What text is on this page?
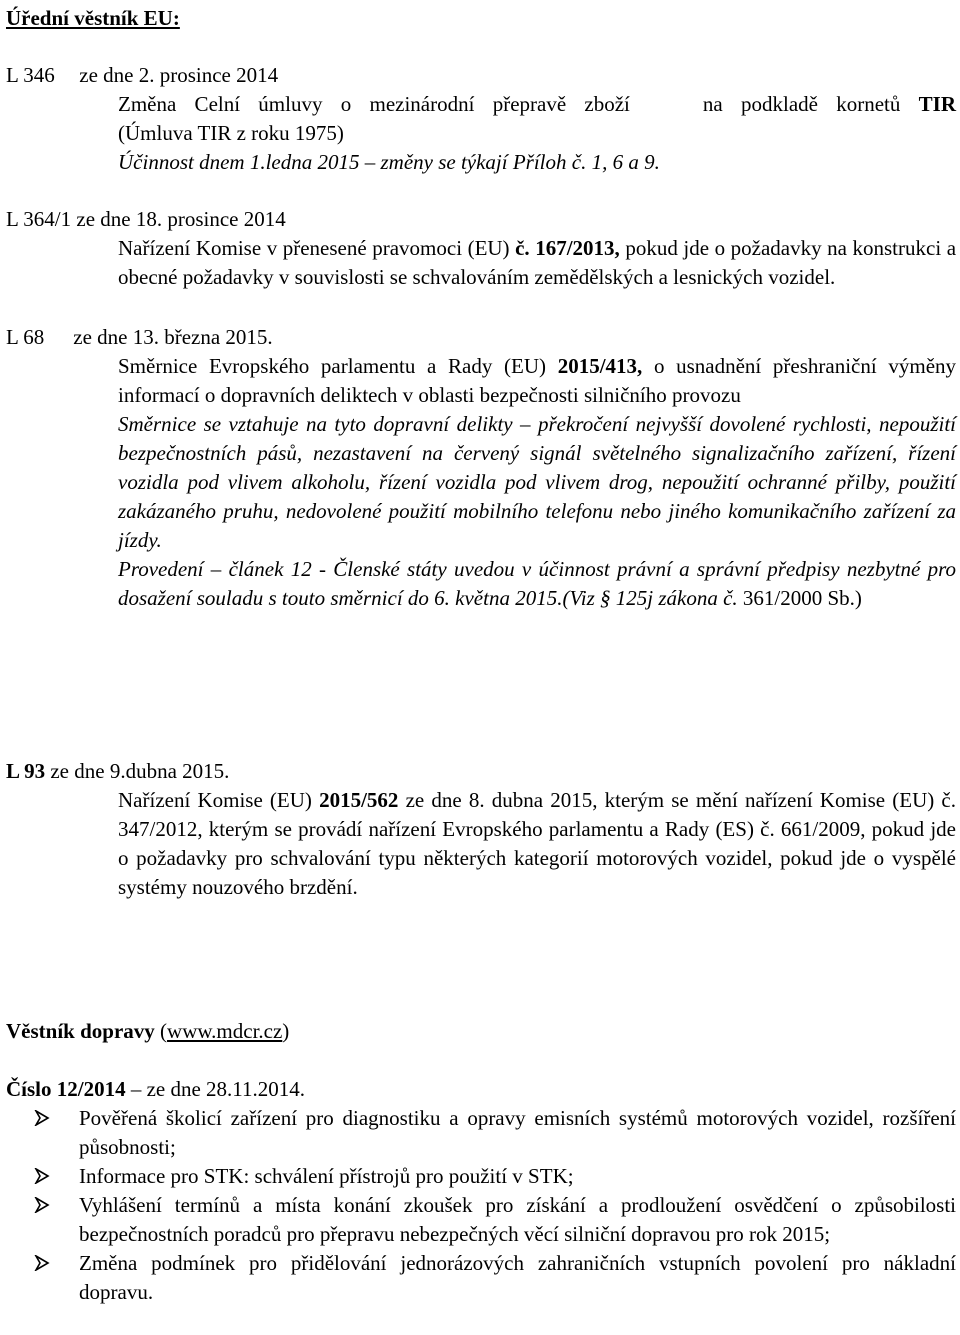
Úřední věstník EU:
L 346 ze dne 2. prosince 2014
Změna Celní úmluvy o mezinárodní přepravě zboží	na podkladě kornetů TIR
(Úmluva TIR z roku 1975)
Účinnost dnem 1.ledna 2015 – změny se týkají Příloh č. 1, 6 a 9.
L 364/1 ze dne 18. prosince 2014
Nařízení Komise v přenesené pravomoci (EU) č. 167/2013, pokud jde o požadavky na konstrukci a obecné požadavky v souvislosti se schvalováním zemědělských a lesnických vozidel.
L 68 ze dne 13. března 2015.
Směrnice Evropského parlamentu a Rady (EU) 2015/413, o usnadnění přeshraniční výměny informací o dopravních deliktech v oblasti bezpečnosti silničního provozu
Směrnice se vztahuje na tyto dopravní delikty – překročení nejvyšší dovolené rychlosti, nepoužití bezpečnostních pásů, nezastavení na červený signál světelného signalizačního zařízení, řízení vozidla pod vlivem alkoholu, řízení vozidla pod vlivem drog, nepoužití ochranné přilby, použití zakázaného pruhu, nedovolené použití mobilního telefonu nebo jiného komunikačního zařízení za jízdy.
Provedení – článek 12 - Členské státy uvedou v účinnost právní a správní předpisy nezbytné pro dosažení souladu s touto směrnicí do 6. května 2015.(Viz § 125j zákona č. 361/2000 Sb.)
L 93 ze dne 9.dubna 2015.
Nařízení Komise (EU) 2015/562 ze dne 8. dubna 2015, kterým se mění nařízení Komise (EU) č. 347/2012, kterým se provádí nařízení Evropského parlamentu a Rady (ES) č. 661/2009, pokud jde o požadavky pro schvalování typu některých kategorií motorových vozidel, pokud jde o vyspělé systémy nouzového brzdění.
Věstník dopravy (www.mdcr.cz)
Číslo 12/2014 – ze dne 28.11.2014.
Pověřená školicí zařízení pro diagnostiku a opravy emisních systémů motorových vozidel, rozšíření působnosti;
Informace pro STK: schválení přístrojů pro použití v STK;
Vyhlášení termínů a místa konání zkoušek pro získání a prodloužení osvědčení o způsobilosti bezpečnostních poradců pro přepravu nebezpečných věcí silniční dopravou pro rok 2015;
Změna podmínek pro přidělování jednorázových zahraničních vstupních povolení pro nákladní dopravu.
